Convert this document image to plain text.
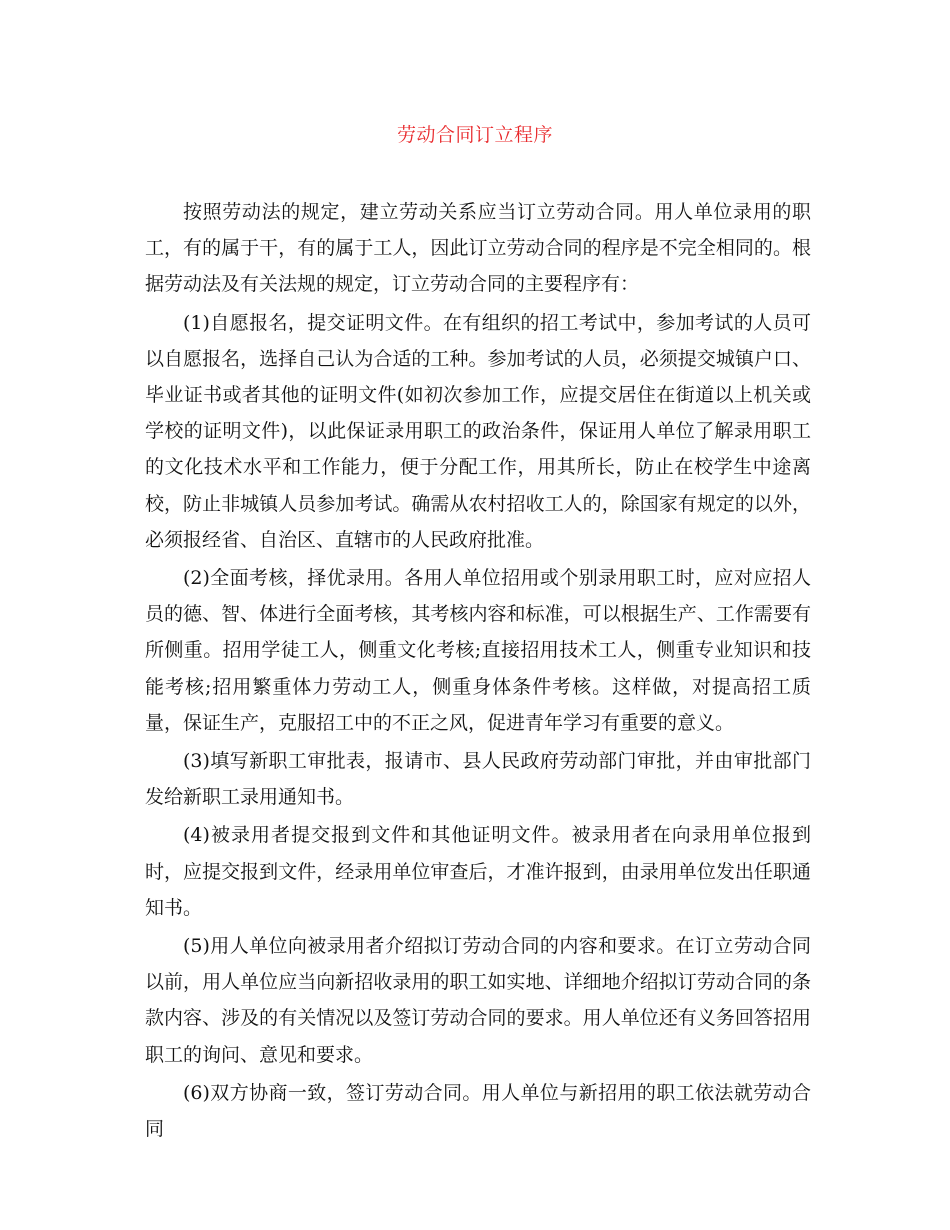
劳动合同订立程序

按照劳动法的规定，建立劳动关系应当订立劳动合同。用人单位录用的职工，有的属于干，有的属于工人，因此订立劳动合同的程序是不完全相同的。根据劳动法及有关法规的规定，订立劳动合同的主要程序有：

(1)自愿报名，提交证明文件。在有组织的招工考试中，参加考试的人员可以自愿报名，选择自己认为合适的工种。参加考试的人员，必须提交城镇户口、毕业证书或者其他的证明文件(如初次参加工作，应提交居住在街道以上机关或学校的证明文件)，以此保证录用职工的政治条件，保证用人单位了解录用职工的文化技术水平和工作能力，便于分配工作，用其所长，防止在校学生中途离校，防止非城镇人员参加考试。确需从农村招收工人的，除国家有规定的以外，必须报经省、自治区、直辖市的人民政府批准。

(2)全面考核，择优录用。各用人单位招用或个别录用职工时，应对应招人员的德、智、体进行全面考核，其考核内容和标准，可以根据生产、工作需要有所侧重。招用学徒工人，侧重文化考核;直接招用技术工人，侧重专业知识和技能考核;招用繁重体力劳动工人，侧重身体条件考核。这样做，对提高招工质量，保证生产，克服招工中的不正之风，促进青年学习有重要的意义。

(3)填写新职工审批表，报请市、县人民政府劳动部门审批，并由审批部门发给新职工录用通知书。

(4)被录用者提交报到文件和其他证明文件。被录用者在向录用单位报到时，应提交报到文件，经录用单位审查后，才准许报到，由录用单位发出任职通知书。

(5)用人单位向被录用者介绍拟订劳动合同的内容和要求。在订立劳动合同以前，用人单位应当向新招收录用的职工如实地、详细地介绍拟订劳动合同的条款内容、涉及的有关情况以及签订劳动合同的要求。用人单位还有义务回答招用职工的询问、意见和要求。

(6)双方协商一致，签订劳动合同。用人单位与新招用的职工依法就劳动合同
